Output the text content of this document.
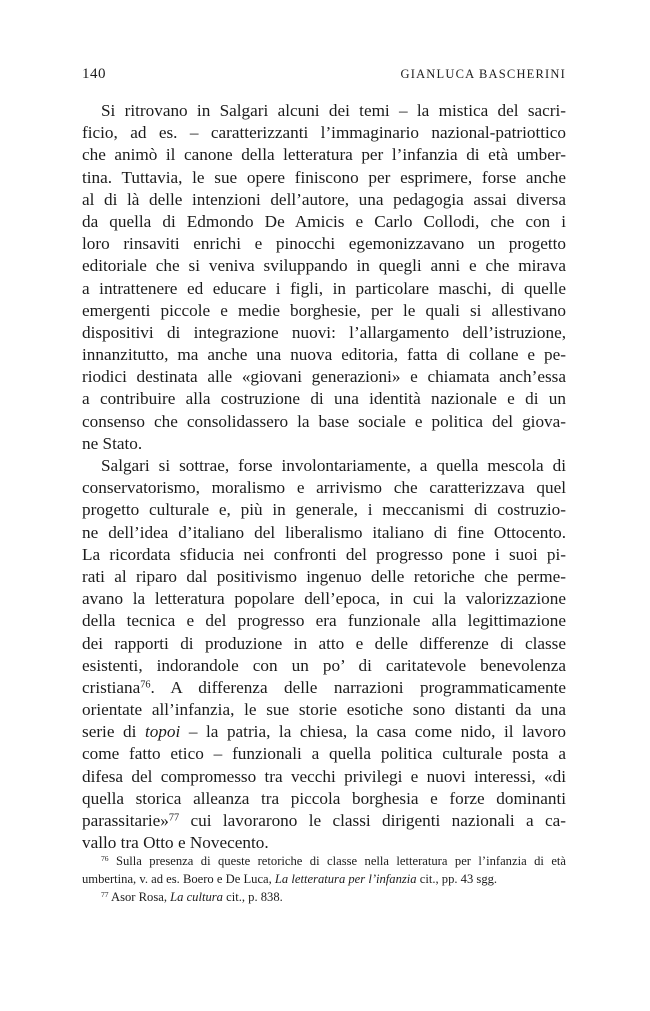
140	GIANLUCA BASCHERINI
Si ritrovano in Salgari alcuni dei temi – la mistica del sacri-
ficio, ad es. – caratterizzanti l’immaginario nazional-patriottico
che animò il canone della letteratura per l’infanzia di età umber-
tina. Tuttavia, le sue opere finiscono per esprimere, forse anche
al di là delle intenzioni dell’autore, una pedagogia assai diversa
da quella di Edmondo De Amicis e Carlo Collodi, che con i
loro rinsaviti enrichi e pinocchi egemonizzavano un progetto
editoriale che si veniva sviluppando in quegli anni e che mirava
a intrattenere ed educare i figli, in particolare maschi, di quelle
emergenti piccole e medie borghesie, per le quali si allestivano
dispositivi di integrazione nuovi: l’allargamento dell’istruzione,
innanzitutto, ma anche una nuova editoria, fatta di collane e pe-
riodici destinata alle «giovani generazioni» e chiamata anch’essa
a contribuire alla costruzione di una identità nazionale e di un
consenso che consolidassero la base sociale e politica del giova-
ne Stato.
Salgari si sottrae, forse involontariamente, a quella mescola di
conservatorismo, moralismo e arrivismo che caratterizzava quel
progetto culturale e, più in generale, i meccanismi di costruzio-
ne dell’idea d’italiano del liberalismo italiano di fine Ottocento.
La ricordata sfiducia nei confronti del progresso pone i suoi pi-
rati al riparo dal positivismo ingenuo delle retoriche che perme-
avano la letteratura popolare dell’epoca, in cui la valorizzazione
della tecnica e del progresso era funzionale alla legittimazione
dei rapporti di produzione in atto e delle differenze di classe
esistenti, indorandole con un po’ di caritatevole benevolenza
cristiana$^{76}$. A differenza delle narrazioni programmaticamente
orientate all’infanzia, le sue storie esotiche sono distanti da una
serie di topoi – la patria, la chiesa, la casa come nido, il lavoro
come fatto etico – funzionali a quella politica culturale posta a
difesa del compromesso tra vecchi privilegi e nuovi interessi, «di
quella storica alleanza tra piccola borghesia e forze dominanti
parassitarie»$^{77}$ cui lavorarono le classi dirigenti nazionali a ca-
vallo tra Otto e Novecento.
$^{76}$ Sulla presenza di queste retoriche di classe nella letteratura per l’infanzia di età
umbertina, v. ad es. Boero e De Luca, La letteratura per l’infanzia cit., pp. 43 sgg.
$^{77}$ Asor Rosa, La cultura cit., p. 838.
